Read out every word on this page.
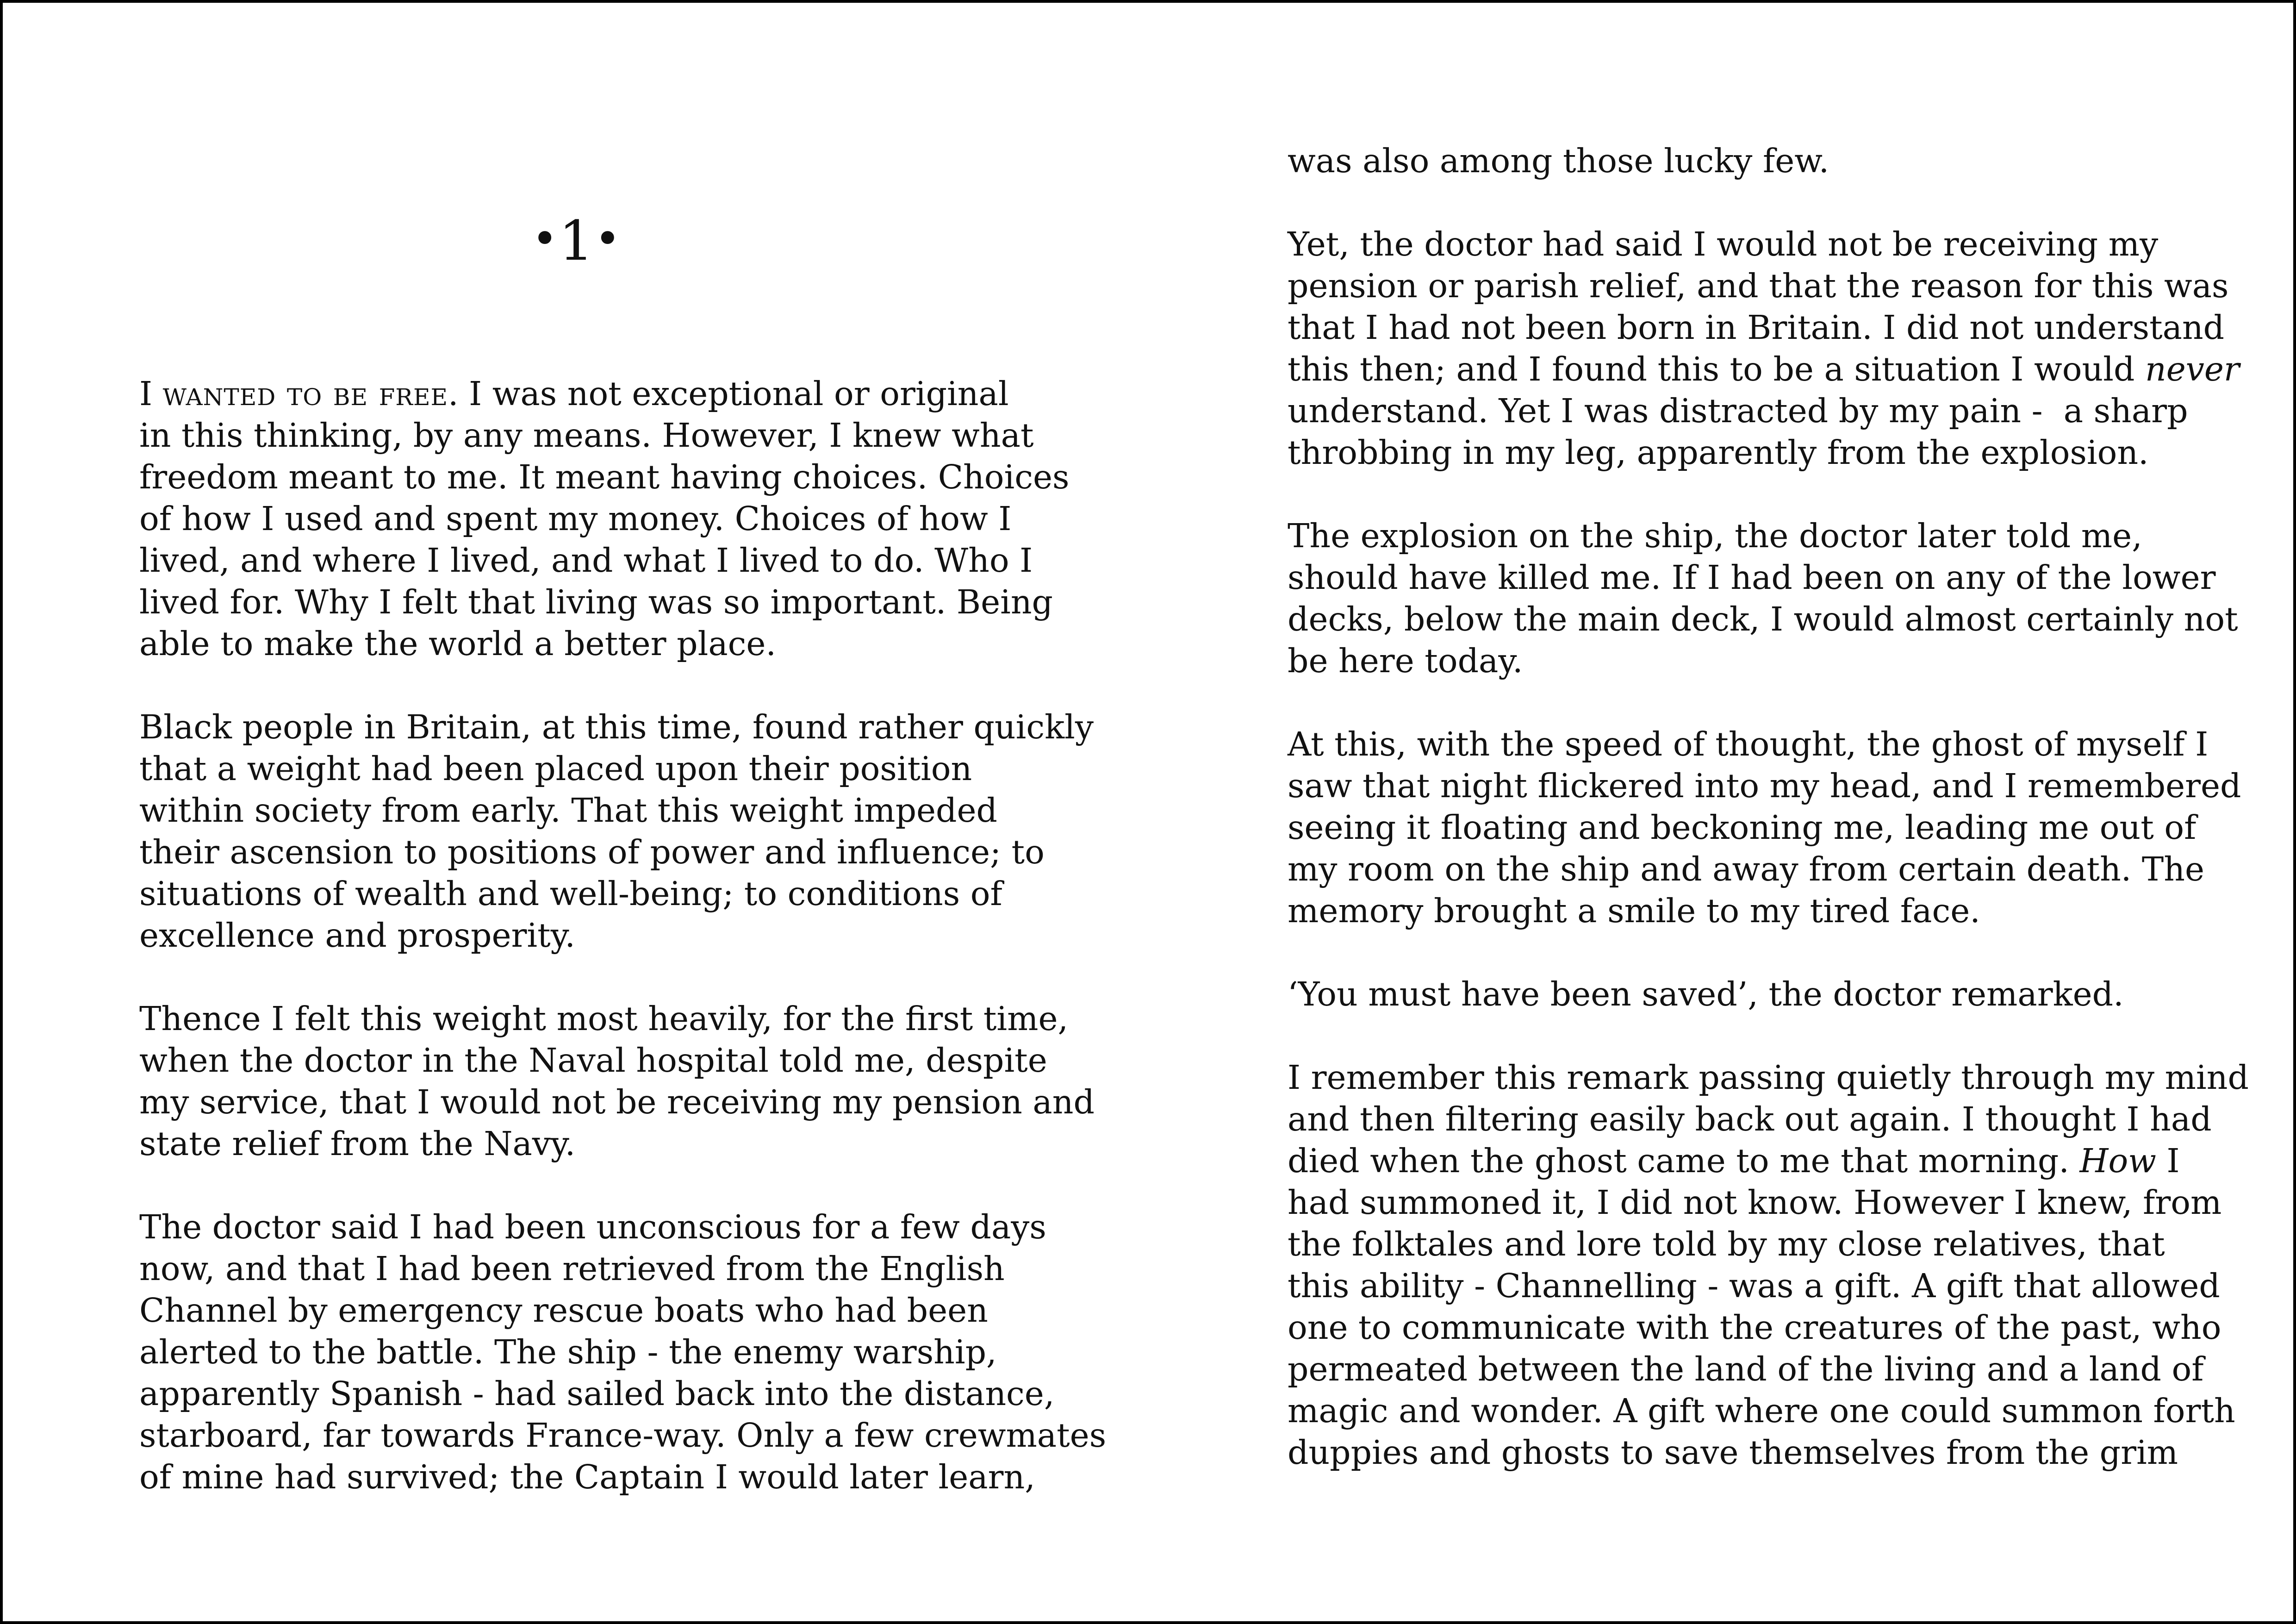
•1•

I wanted to be free. I was not exceptional or original
in this thinking, by any means. However, I knew what
freedom meant to me. It meant having choices. Choices
of how I used and spent my money. Choices of how I
lived, and where I lived, and what I lived to do. Who I
lived for. Why I felt that living was so important. Being
able to make the world a better place.

Black people in Britain, at this time, found rather quickly
that a weight had been placed upon their position
within society from early. That this weight impeded
their ascension to positions of power and influence; to
situations of wealth and well-being; to conditions of
excellence and prosperity.

Thence I felt this weight most heavily, for the first time,
when the doctor in the Naval hospital told me, despite
my service, that I would not be receiving my pension and
state relief from the Navy.

The doctor said I had been unconscious for a few days
now, and that I had been retrieved from the English
Channel by emergency rescue boats who had been
alerted to the battle. The ship - the enemy warship,
apparently Spanish - had sailed back into the distance,
starboard, far towards France-way. Only a few crewmates
of mine had survived; the Captain I would later learn,

was also among those lucky few.

Yet, the doctor had said I would not be receiving my
pension or parish relief, and that the reason for this was
that I had not been born in Britain. I did not understand
this then; and I found this to be a situation I would never
understand. Yet I was distracted by my pain -  a sharp
throbbing in my leg, apparently from the explosion.

The explosion on the ship, the doctor later told me,
should have killed me. If I had been on any of the lower
decks, below the main deck, I would almost certainly not
be here today.

At this, with the speed of thought, the ghost of myself I
saw that night flickered into my head, and I remembered
seeing it floating and beckoning me, leading me out of
my room on the ship and away from certain death. The
memory brought a smile to my tired face.

‘You must have been saved’, the doctor remarked.

I remember this remark passing quietly through my mind
and then filtering easily back out again. I thought I had
died when the ghost came to me that morning. How I
had summoned it, I did not know. However I knew, from
the folktales and lore told by my close relatives, that
this ability - Channelling - was a gift. A gift that allowed
one to communicate with the creatures of the past, who
permeated between the land of the living and a land of
magic and wonder. A gift where one could summon forth
duppies and ghosts to save themselves from the grim
